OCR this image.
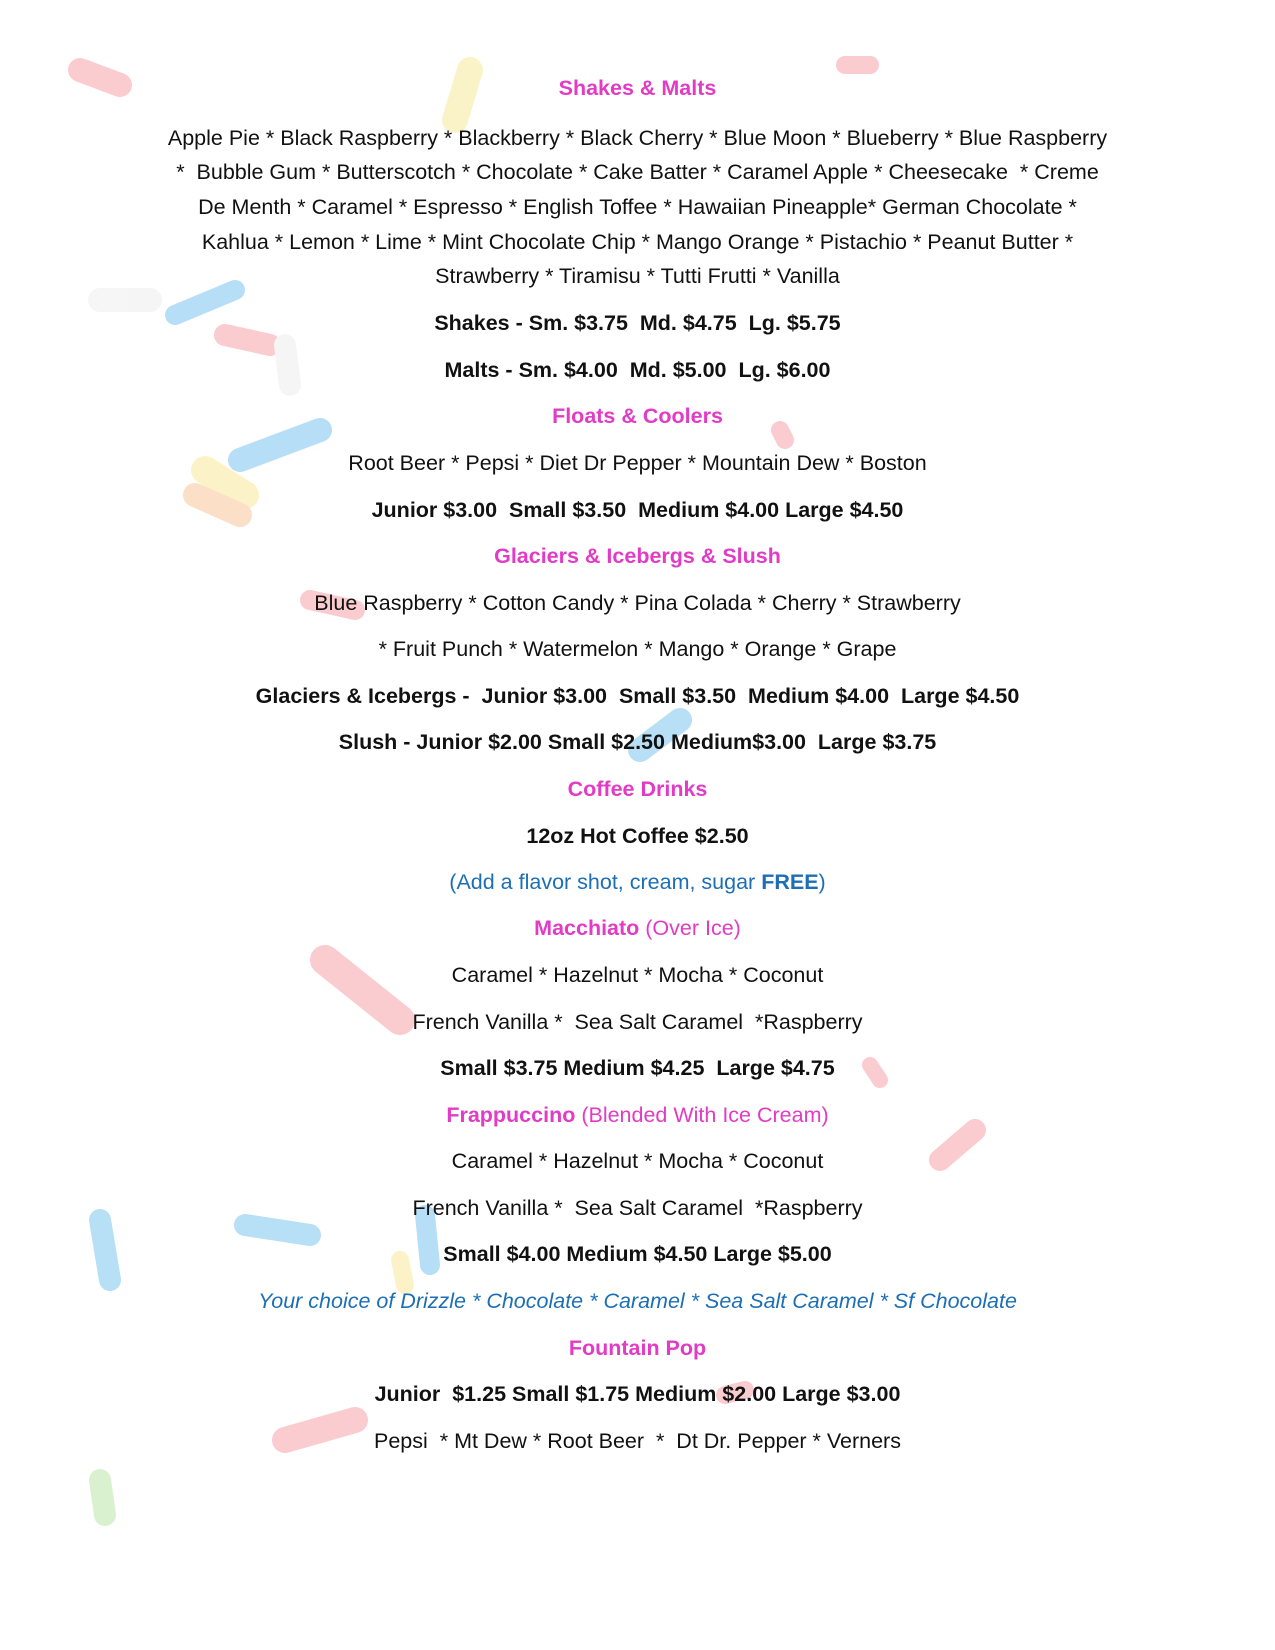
Shakes & Malts
Apple Pie * Black Raspberry * Blackberry * Black Cherry * Blue Moon * Blueberry * Blue Raspberry
*  Bubble Gum * Butterscotch * Chocolate * Cake Batter * Caramel Apple * Cheesecake  * Creme
De Menth * Caramel * Espresso * English Toffee * Hawaiian Pineapple* German Chocolate *
Kahlua * Lemon * Lime * Mint Chocolate Chip * Mango Orange * Pistachio * Peanut Butter *
Strawberry * Tiramisu * Tutti Frutti * Vanilla
Shakes - Sm. $3.75  Md. $4.75  Lg. $5.75
Malts - Sm. $4.00  Md. $5.00  Lg. $6.00
Floats & Coolers
Root Beer * Pepsi * Diet Dr Pepper * Mountain Dew * Boston
Junior $3.00  Small $3.50  Medium $4.00 Large $4.50
Glaciers & Icebergs & Slush
Blue Raspberry * Cotton Candy * Pina Colada * Cherry * Strawberry
* Fruit Punch * Watermelon * Mango * Orange * Grape
Glaciers & Icebergs -  Junior $3.00  Small $3.50  Medium $4.00  Large $4.50
Slush - Junior $2.00 Small $2.50 Medium$3.00  Large $3.75
Coffee Drinks
12oz Hot Coffee $2.50
(Add a flavor shot, cream, sugar FREE)
Macchiato (Over Ice)
Caramel * Hazelnut * Mocha * Coconut
French Vanilla *  Sea Salt Caramel  *Raspberry
Small $3.75 Medium $4.25  Large $4.75
Frappuccino (Blended With Ice Cream)
Caramel * Hazelnut * Mocha * Coconut
French Vanilla *  Sea Salt Caramel  *Raspberry
Small $4.00 Medium $4.50 Large $5.00
Your choice of Drizzle * Chocolate * Caramel * Sea Salt Caramel * Sf Chocolate
Fountain Pop
Junior  $1.25 Small $1.75 Medium $2.00 Large $3.00
Pepsi  * Mt Dew * Root Beer  *  Dt Dr. Pepper * Verners
